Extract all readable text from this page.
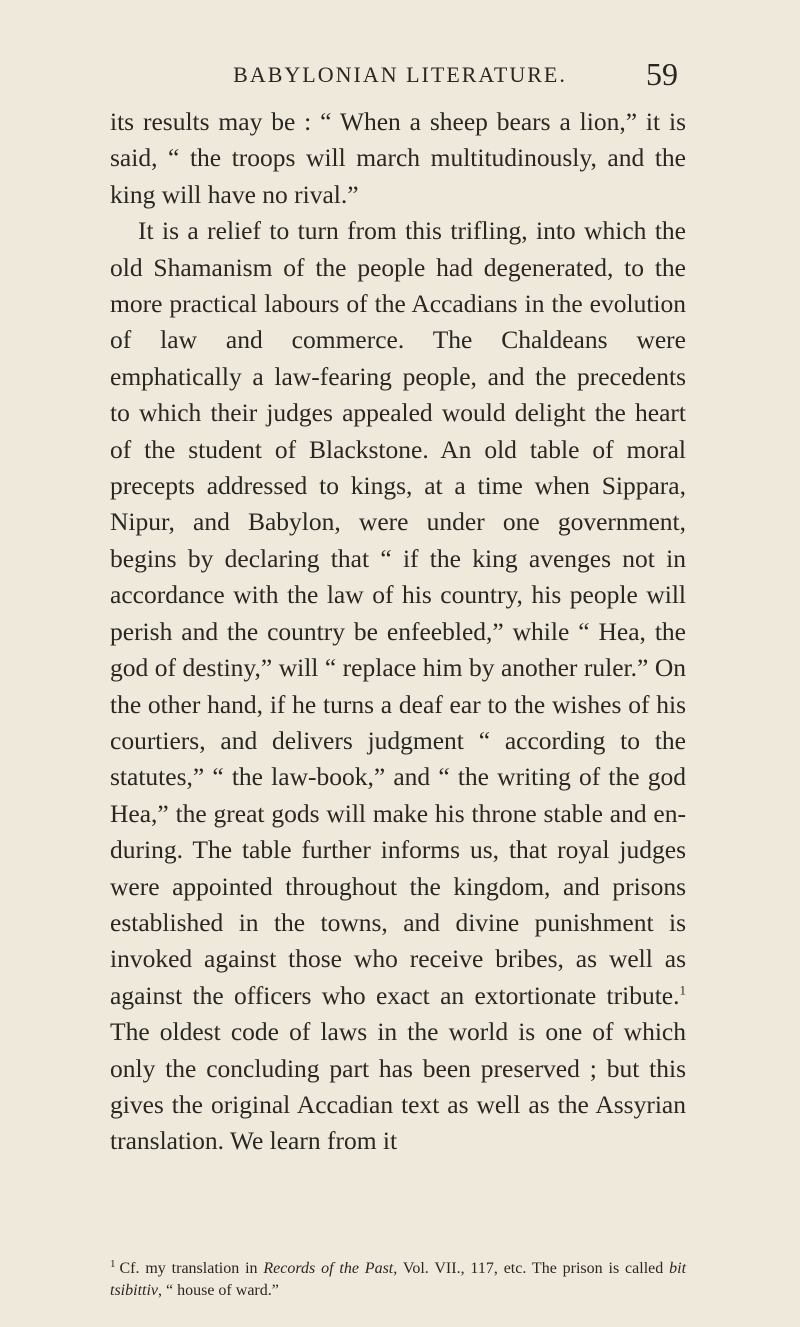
BABYLONIAN LITERATURE.	59

its results may be : “ When a sheep bears a lion,” it is said, “ the troops will march multitudinously, and the king will have no rival.”

It is a relief to turn from this trifling, into which the old Shamanism of the people had degenerated, to the more practical labours of the Accadians in the evolution of law and commerce. The Chaldeans were emphatically a law-fearing people, and the precedents to which their judges appealed would delight the heart of the student of Blackstone. An old table of moral precepts addressed to kings, at a time when Sippara, Nipur, and Babylon, were under one government, begins by declaring that “ if the king avenges not in accordance with the law of his country, his people will perish and the country be enfeebled,” while “ Hea, the god of destiny,” will “ replace him by another ruler.” On the other hand, if he turns a deaf ear to the wishes of his courtiers, and delivers judgment “ according to the statutes,” “ the law-book,” and “ the writing of the god Hea,” the great gods will make his throne stable and enduring. The table further informs us, that royal judges were appointed throughout the kingdom, and prisons established in the towns, and divine punishment is invoked against those who receive bribes, as well as against the officers who exact an extortionate tribute.$^1$ The oldest code of laws in the world is one of which only the concluding part has been preserved ; but this gives the original Accadian text as well as the Assyrian translation. We learn from it

$^1$ Cf. my translation in Records of the Past, Vol. VII., 117, etc. The prison is called bit tsibittiv, “ house of ward.”
